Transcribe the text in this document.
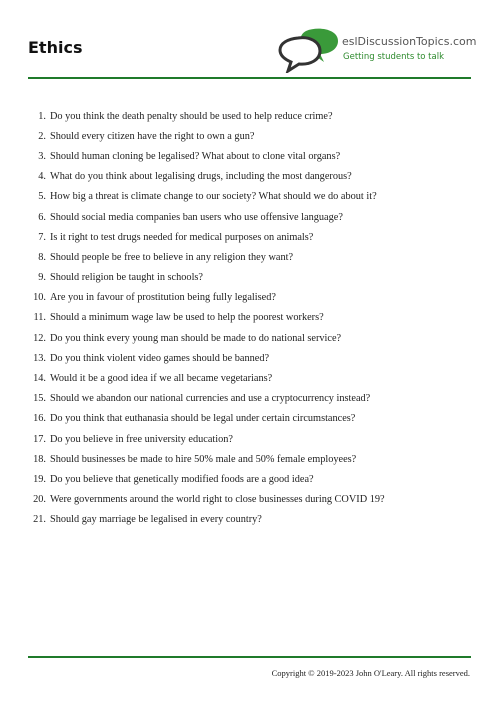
Ethics	eslDiscussionTopics.com
Getting students to talk
1. Do you think the death penalty should be used to help reduce crime?
2. Should every citizen have the right to own a gun?
3. Should human cloning be legalised? What about to clone vital organs?
4. What do you think about legalising drugs, including the most dangerous?
5. How big a threat is climate change to our society? What should we do about it?
6. Should social media companies ban users who use offensive language?
7. Is it right to test drugs needed for medical purposes on animals?
8. Should people be free to believe in any religion they want?
9. Should religion be taught in schools?
10. Are you in favour of prostitution being fully legalised?
11. Should a minimum wage law be used to help the poorest workers?
12. Do you think every young man should be made to do national service?
13. Do you think violent video games should be banned?
14. Would it be a good idea if we all became vegetarians?
15. Should we abandon our national currencies and use a cryptocurrency instead?
16. Do you think that euthanasia should be legal under certain circumstances?
17. Do you believe in free university education?
18. Should businesses be made to hire 50% male and 50% female employees?
19. Do you believe that genetically modified foods are a good idea?
20. Were governments around the world right to close businesses during COVID 19?
21. Should gay marriage be legalised in every country?
Copyright © 2019-2023 John O'Leary. All rights reserved.
